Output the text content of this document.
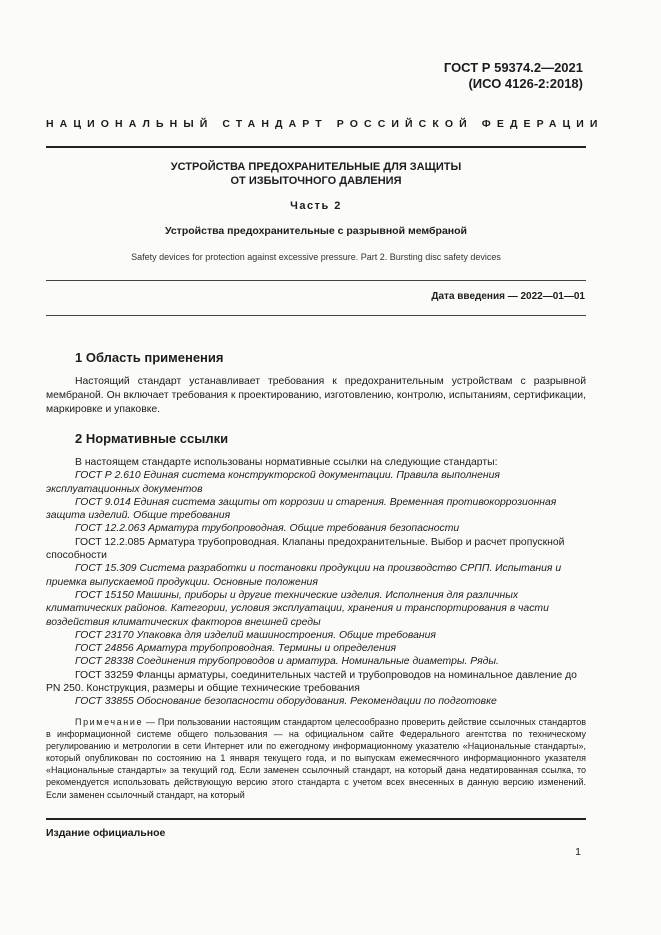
ГОСТ Р 59374.2—2021
(ИСО 4126-2:2018)
НАЦИОНАЛЬНЫЙ СТАНДАРТ РОССИЙСКОЙ ФЕДЕРАЦИИ
УСТРОЙСТВА ПРЕДОХРАНИТЕЛЬНЫЕ ДЛЯ ЗАЩИТЫ
ОТ ИЗБЫТОЧНОГО ДАВЛЕНИЯ
Часть 2
Устройства предохранительные с разрывной мембраной
Safety devices for protection against excessive pressure. Part 2. Bursting disc safety devices
Дата введения — 2022—01—01
1 Область применения
Настоящий стандарт устанавливает требования к предохранительным устройствам с разрывной мембраной. Он включает требования к проектированию, изготовлению, контролю, испытаниям, сертификации, маркировке и упаковке.
2 Нормативные ссылки

В настоящем стандарте использованы нормативные ссылки на следующие стандарты:

ГОСТ Р 2.610 Единая система конструкторской документации. Правила выполнения эксплуатационных документов

ГОСТ 9.014 Единая система защиты от коррозии и старения. Временная противокоррозионная защита изделий. Общие требования

ГОСТ 12.2.063 Арматура трубопроводная. Общие требования безопасности

ГОСТ 12.2.085 Арматура трубопроводная. Клапаны предохранительные. Выбор и расчет пропускной способности

ГОСТ 15.309 Система разработки и постановки продукции на производство СРПП. Испытания и приемка выпускаемой продукции. Основные положения

ГОСТ 15150 Машины, приборы и другие технические изделия. Исполнения для различных климатических районов. Категории, условия эксплуатации, хранения и транспортирования в части воздействия климатических факторов внешней среды

ГОСТ 23170 Упаковка для изделий машиностроения. Общие требования

ГОСТ 24856 Арматура трубопроводная. Термины и определения

ГОСТ 28338 Соединения трубопроводов и арматура. Номинальные диаметры. Ряды.

ГОСТ 33259 Фланцы арматуры, соединительных частей и трубопроводов на номинальное давление до PN 250. Конструкция, размеры и общие технические требования

ГОСТ 33855 Обоснование безопасности оборудования. Рекомендации по подготовке

Примечание — При пользовании настоящим стандартом целесообразно проверить действие ссылочных стандартов в информационной системе общего пользования — на официальном сайте Федерального агентства по техническому регулированию и метрологии в сети Интернет или по ежегодному информационному указателю «Национальные стандарты», который опубликован по состоянию на 1 января текущего года, и по выпускам ежемесячного информационного указателя «Национальные стандарты» за текущий год. Если заменен ссылочный стандарт, на который дана недатированная ссылка, то рекомендуется использовать действующую версию этого стандарта с учетом всех внесенных в данную версию изменений. Если заменен ссылочный стандарт, на который
Издание официальное
1
